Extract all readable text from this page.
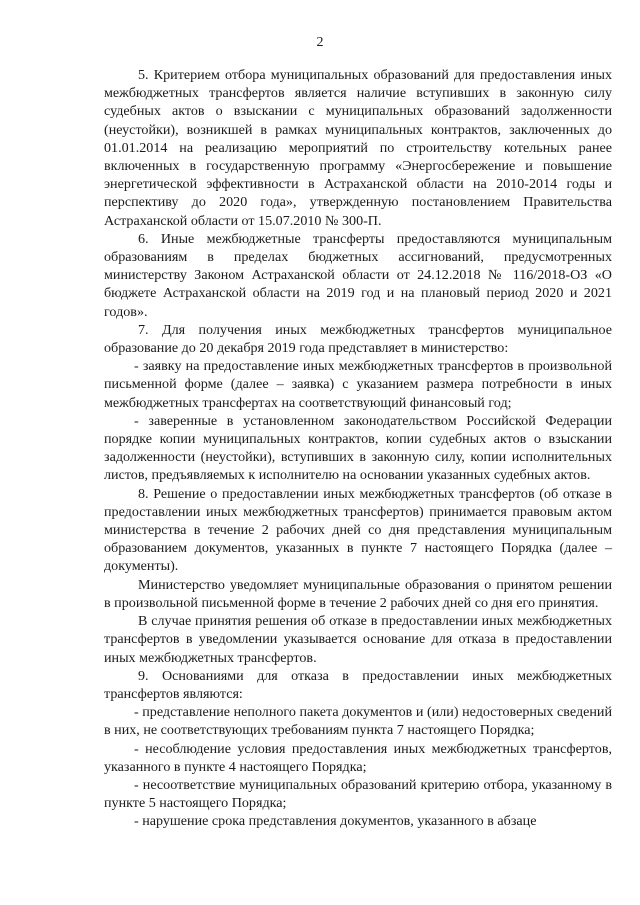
2

5. Критерием отбора муниципальных образований для предоставления иных межбюджетных трансфертов является наличие вступивших в законную силу судебных актов о взыскании с муниципальных образований задолженности (неустойки), возникшей в рамках муниципальных контрактов, заключенных до 01.01.2014 на реализацию мероприятий по строительству котельных ранее включенных в государственную программу «Энергосбережение и повышение энергетической эффективности в Астраханской области на 2010-2014 годы и перспективу до 2020 года», утвержденную постановлением Правительства Астраханской области от 15.07.2010 № 300-П.

6. Иные межбюджетные трансферты предоставляются муниципальным образованиям в пределах бюджетных ассигнований, предусмотренных министерству Законом Астраханской области от 24.12.2018 № 116/2018-ОЗ «О бюджете Астраханской области на 2019 год и на плановый период 2020 и 2021 годов».

7. Для получения иных межбюджетных трансфертов муниципальное образование до 20 декабря 2019 года представляет в министерство:

- заявку на предоставление иных межбюджетных трансфертов в произвольной письменной форме (далее – заявка) с указанием размера потребности в иных межбюджетных трансфертах на соответствующий финансовый год;

- заверенные в установленном законодательством Российской Федерации порядке копии муниципальных контрактов, копии судебных актов о взыскании задолженности (неустойки), вступивших в законную силу, копии исполнительных листов, предъявляемых к исполнителю на основании указанных судебных актов.

8. Решение о предоставлении иных межбюджетных трансфертов (об отказе в предоставлении иных межбюджетных трансфертов) принимается правовым актом министерства в течение 2 рабочих дней со дня представления муниципальным образованием документов, указанных в пункте 7 настоящего Порядка (далее – документы).

Министерство уведомляет муниципальные образования о принятом решении в произвольной письменной форме в течение 2 рабочих дней со дня его принятия.

В случае принятия решения об отказе в предоставлении иных межбюджетных трансфертов в уведомлении указывается основание для отказа в предоставлении иных межбюджетных трансфертов.

9. Основаниями для отказа в предоставлении иных межбюджетных трансфертов являются:

- представление неполного пакета документов и (или) недостоверных сведений в них, не соответствующих требованиям пункта 7 настоящего Порядка;

- несоблюдение условия предоставления иных межбюджетных трансфертов, указанного в пункте 4 настоящего Порядка;

- несоответствие муниципальных образований критерию отбора, указанному в пункте 5 настоящего Порядка;

- нарушение срока представления документов, указанного в абзаце
